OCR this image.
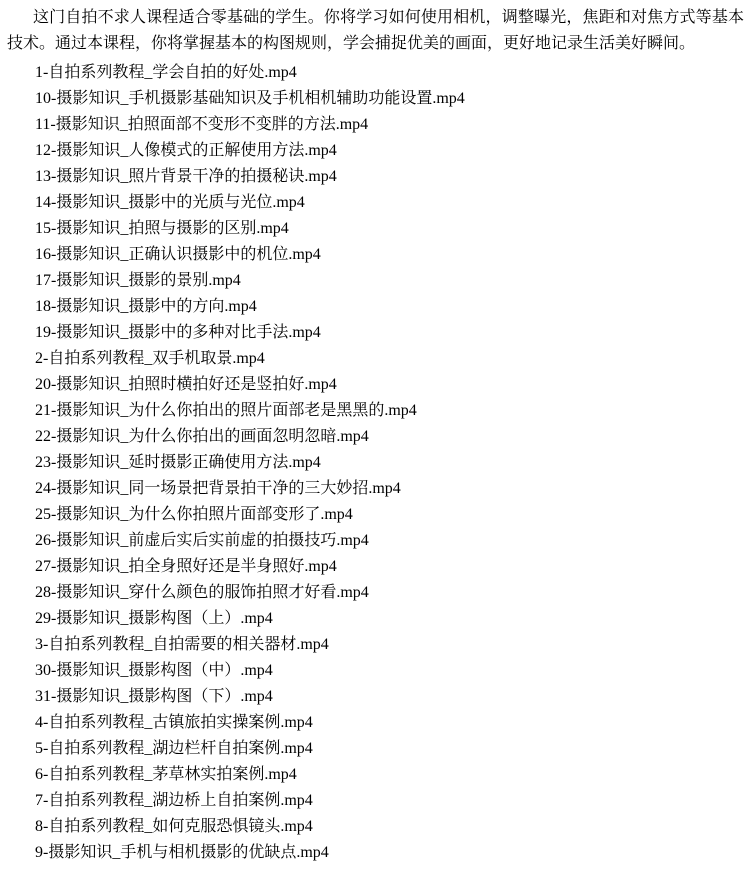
这门自拍不求人课程适合零基础的学生。你将学习如何使用相机，调整曝光，焦距和对焦方式等基本技术。通过本课程，你将掌握基本的构图规则，学会捕捉优美的画面，更好地记录生活美好瞬间。

1-自拍系列教程_学会自拍的好处.mp4
10-摄影知识_手机摄影基础知识及手机相机辅助功能设置.mp4
11-摄影知识_拍照面部不变形不变胖的方法.mp4
12-摄影知识_人像模式的正解使用方法.mp4
13-摄影知识_照片背景干净的拍摄秘诀.mp4
14-摄影知识_摄影中的光质与光位.mp4
15-摄影知识_拍照与摄影的区别.mp4
16-摄影知识_正确认识摄影中的机位.mp4
17-摄影知识_摄影的景别.mp4
18-摄影知识_摄影中的方向.mp4
19-摄影知识_摄影中的多种对比手法.mp4
2-自拍系列教程_双手机取景.mp4
20-摄影知识_拍照时横拍好还是竖拍好.mp4
21-摄影知识_为什么你拍出的照片面部老是黑黑的.mp4
22-摄影知识_为什么你拍出的画面忽明忽暗.mp4
23-摄影知识_延时摄影正确使用方法.mp4
24-摄影知识_同一场景把背景拍干净的三大妙招.mp4
25-摄影知识_为什么你拍照片面部变形了.mp4
26-摄影知识_前虚后实后实前虚的拍摄技巧.mp4
27-摄影知识_拍全身照好还是半身照好.mp4
28-摄影知识_穿什么颜色的服饰拍照才好看.mp4
29-摄影知识_摄影构图（上）.mp4
3-自拍系列教程_自拍需要的相关器材.mp4
30-摄影知识_摄影构图（中）.mp4
31-摄影知识_摄影构图（下）.mp4
4-自拍系列教程_古镇旅拍实操案例.mp4
5-自拍系列教程_湖边栏杆自拍案例.mp4
6-自拍系列教程_茅草林实拍案例.mp4
7-自拍系列教程_湖边桥上自拍案例.mp4
8-自拍系列教程_如何克服恐惧镜头.mp4
9-摄影知识_手机与相机摄影的优缺点.mp4
